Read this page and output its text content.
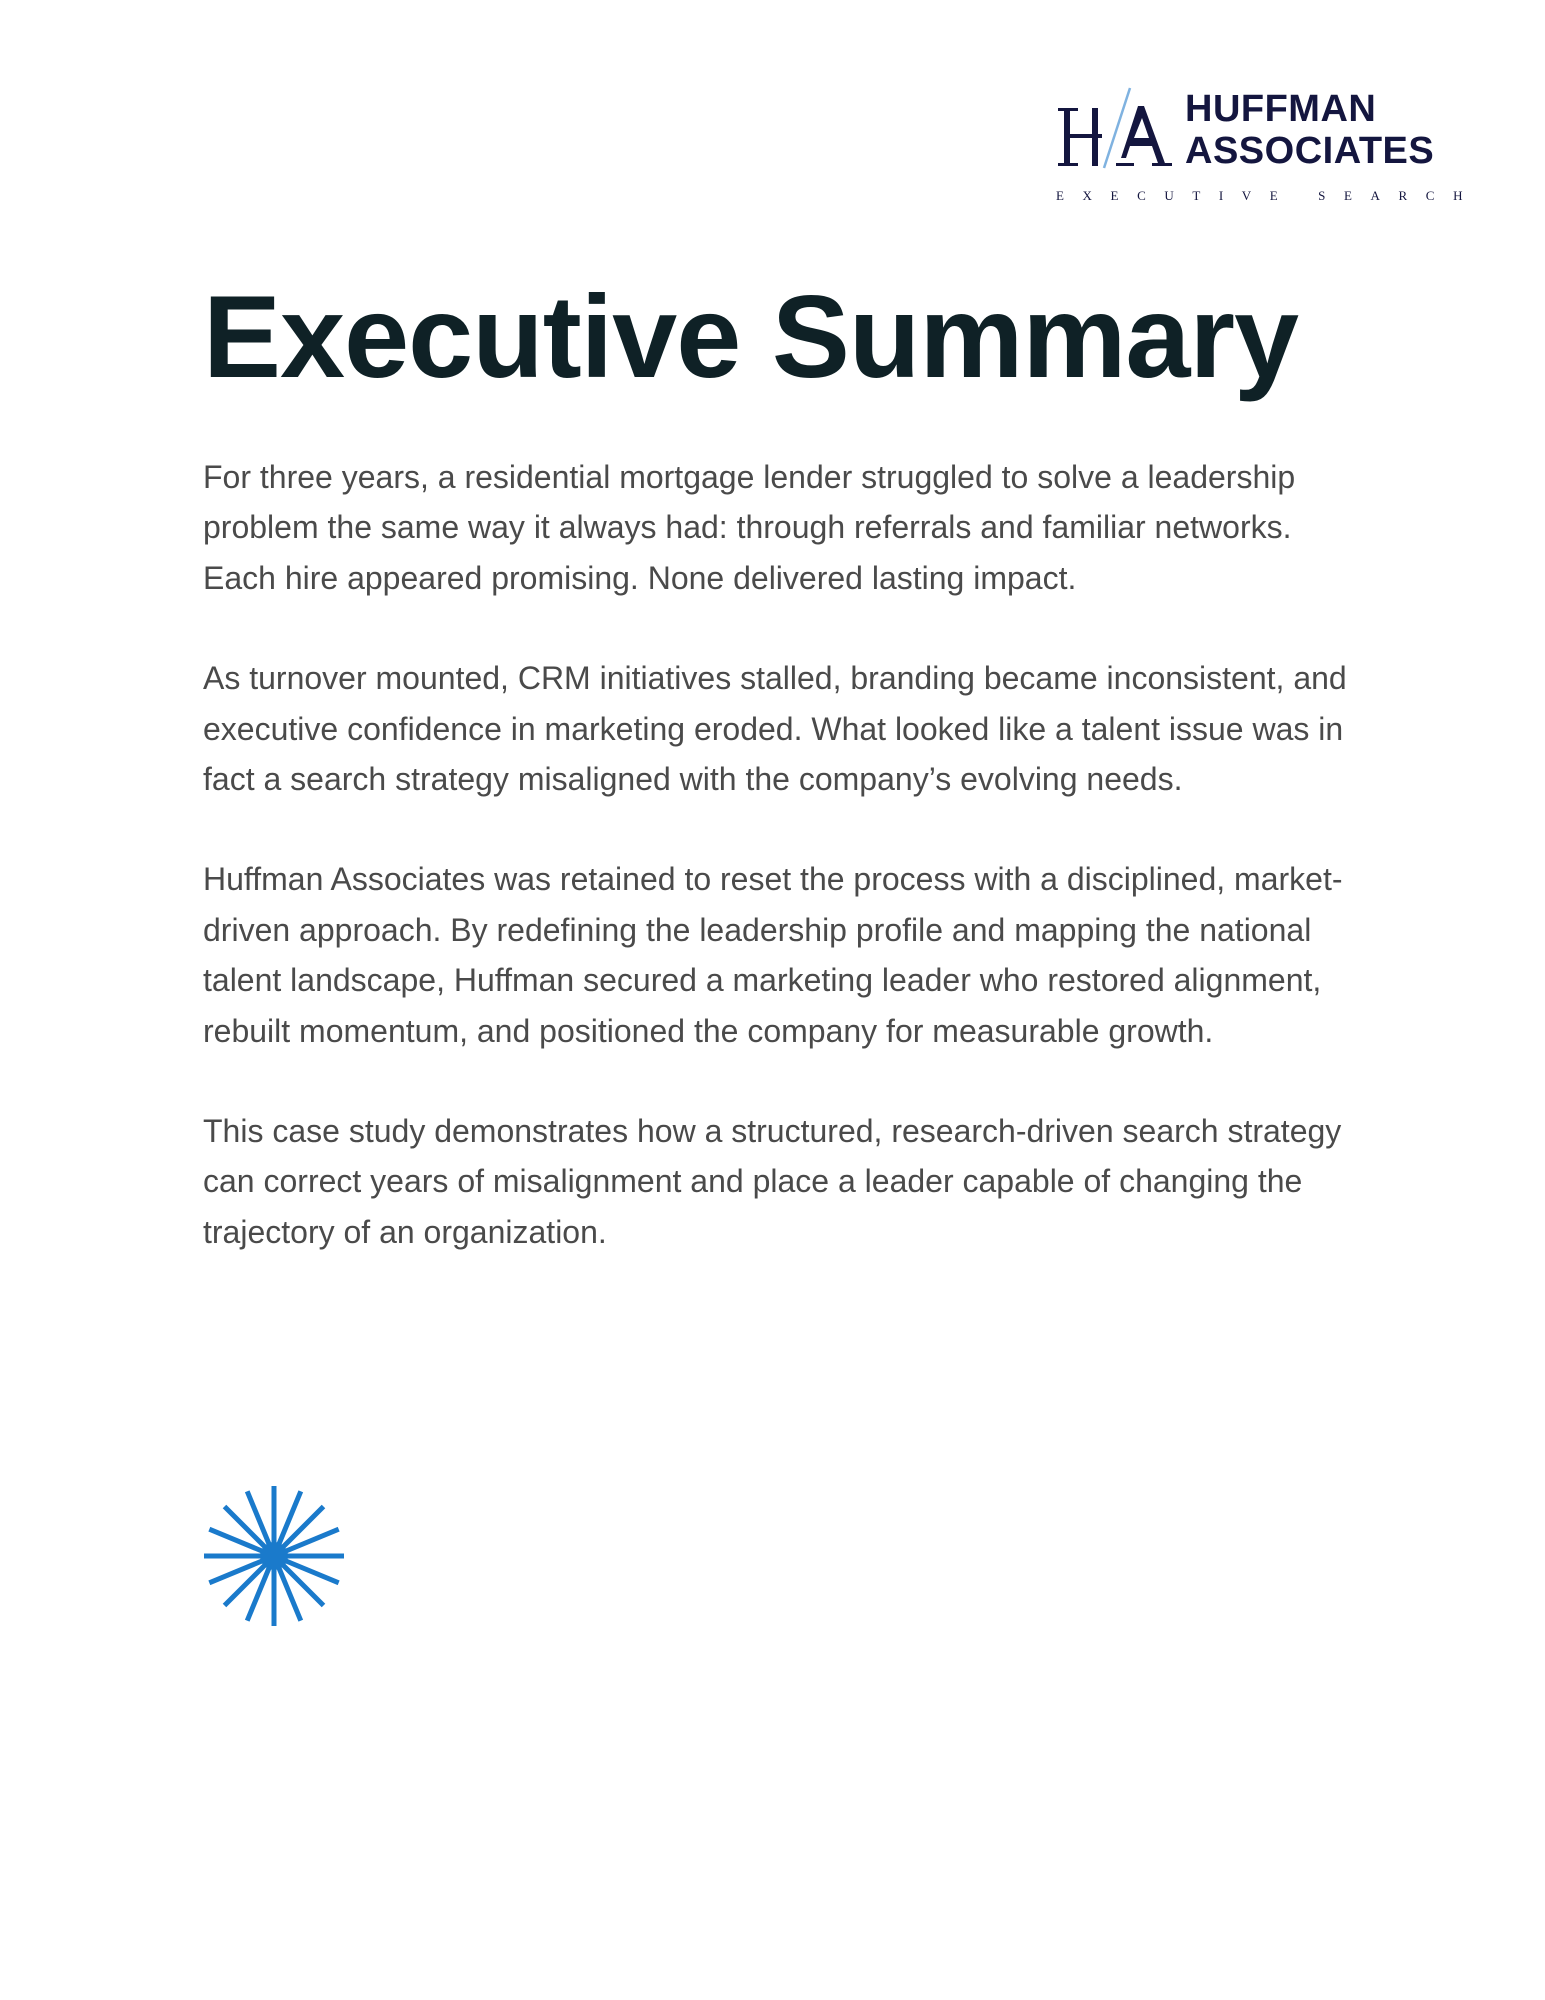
HUFFMAN
ASSOCIATES
EXECUTIVE SEARCH
Executive Summary

For three years, a residential mortgage lender struggled to solve a leadership problem the same way it always had: through referrals and familiar networks. Each hire appeared promising. None delivered lasting impact.

As turnover mounted, CRM initiatives stalled, branding became inconsistent, and executive confidence in marketing eroded. What looked like a talent issue was in fact a search strategy misaligned with the company’s evolving needs.

Huffman Associates was retained to reset the process with a disciplined, market-driven approach. By redefining the leadership profile and mapping the national talent landscape, Huffman secured a marketing leader who restored alignment, rebuilt momentum, and positioned the company for measurable growth.

This case study demonstrates how a structured, research-driven search strategy can correct years of misalignment and place a leader capable of changing the trajectory of an organization.
